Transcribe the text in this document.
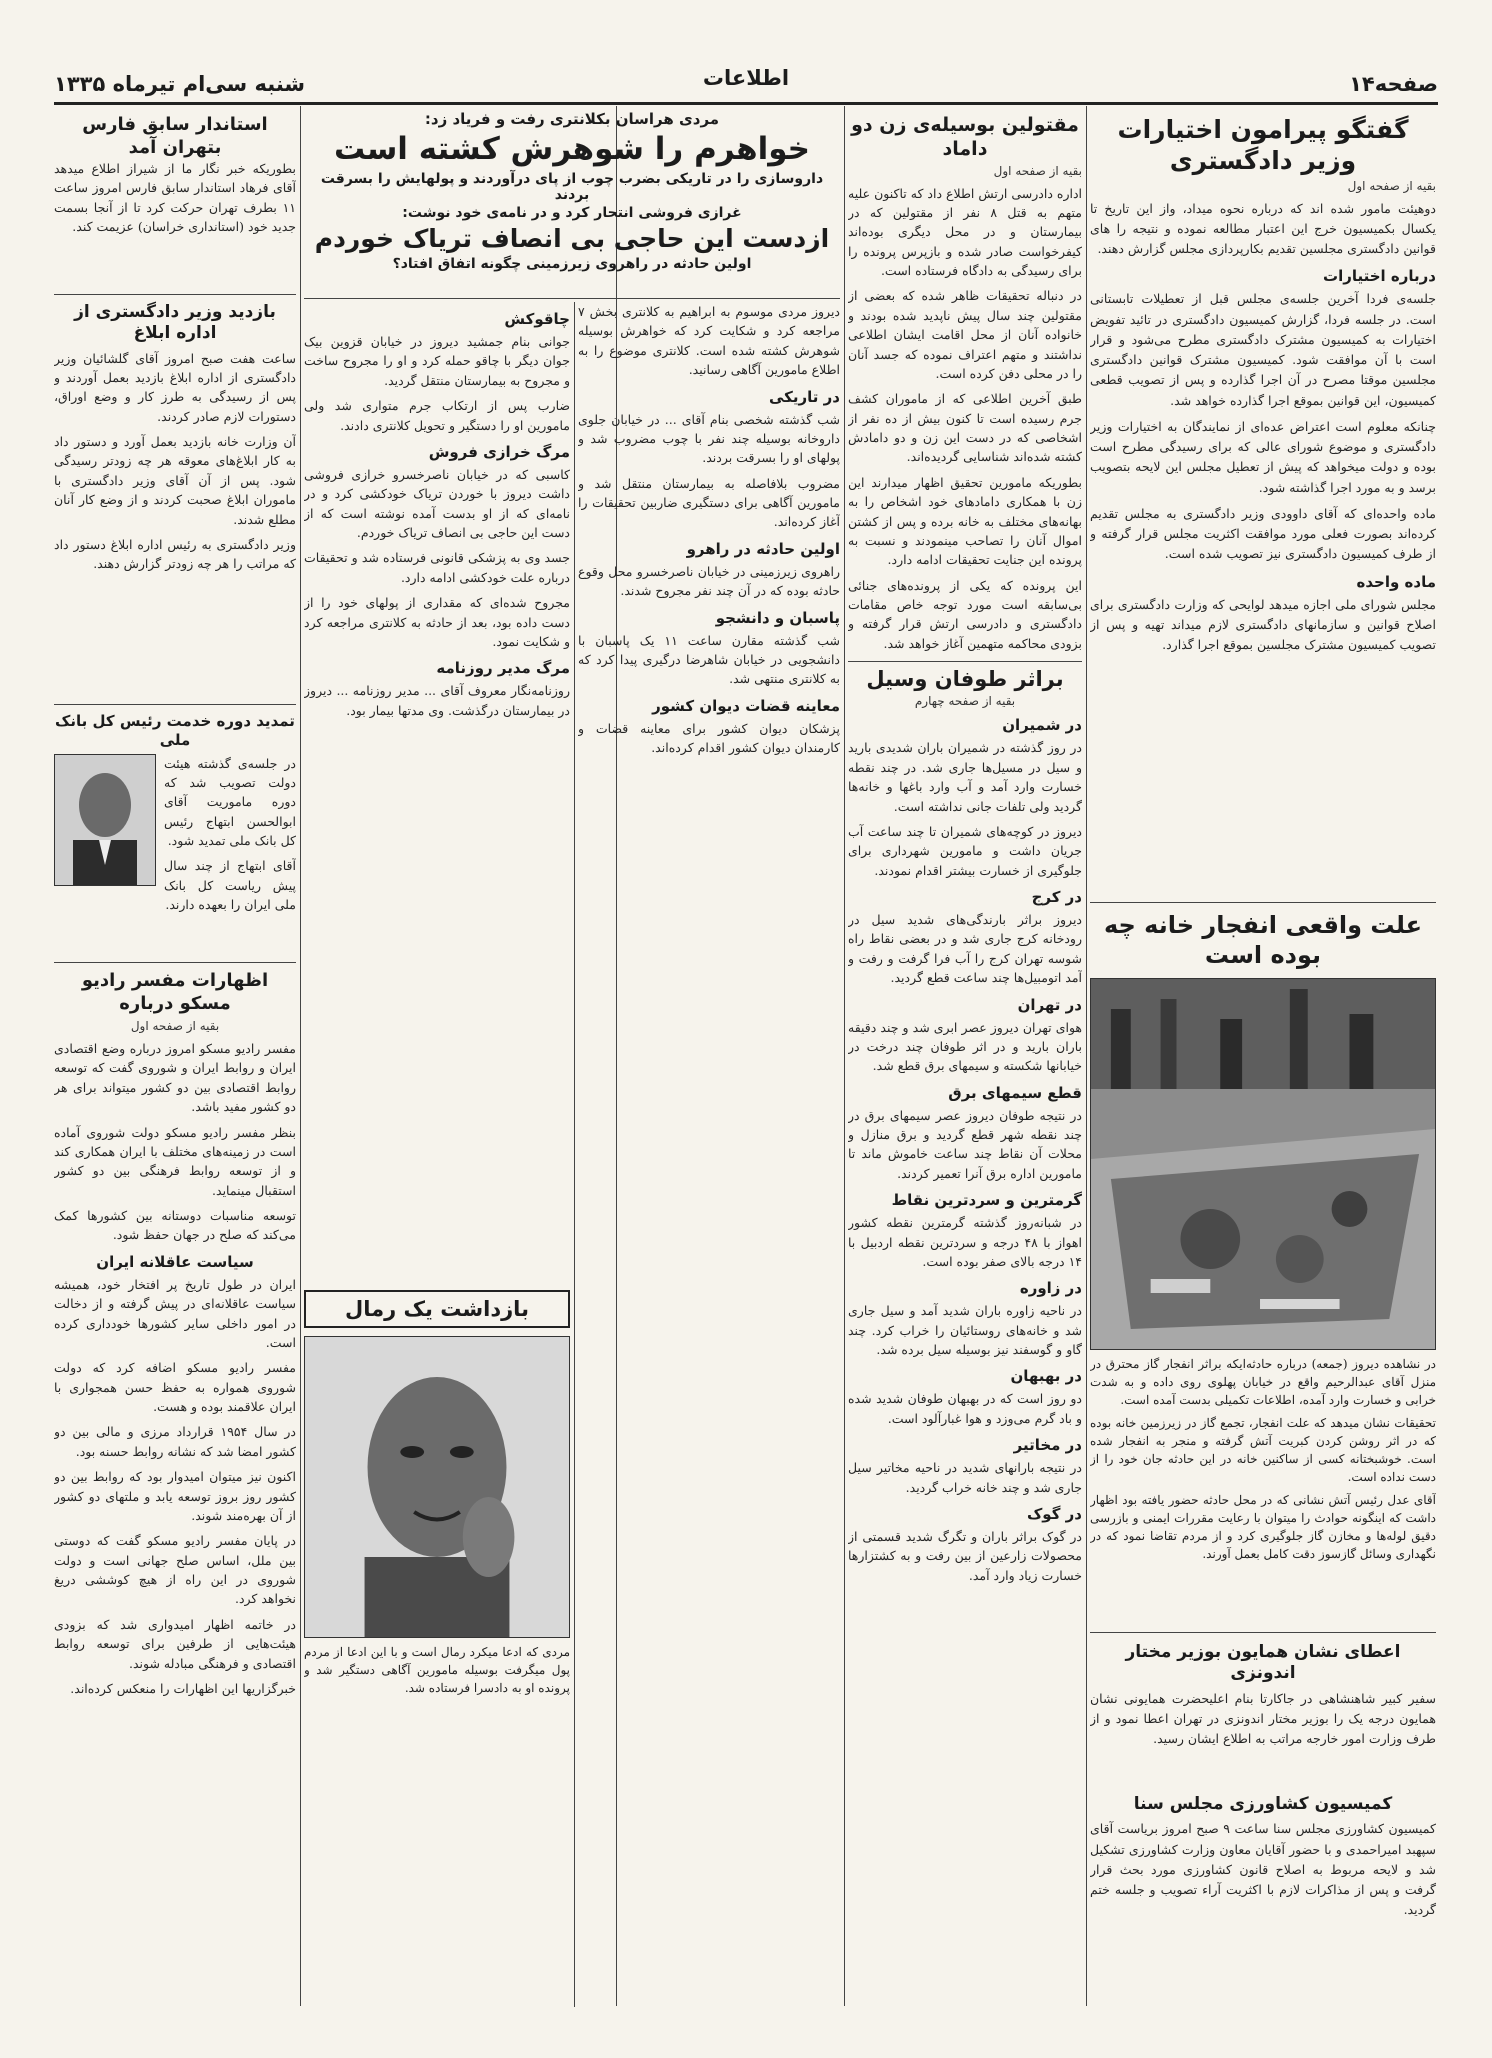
صفحه۱۴
اطلاعات
شنبه سی‌ام تیرماه ۱۳۳۵
گفتگو پیرامون اختیارات وزیر دادگستری
بقیه از صفحه اول

دوهیئت مامور شده اند که درباره نحوه میداد، واز این تاریخ تا یکسال بکمیسیون خرج این اعتبار مطالعه نموده و نتیجه را های قوانین دادگستری مجلسین تقدیم بکارپردازی مجلس گزارش دهند.

درباره اختیارات

جلسه‌ی فردا آخرین جلسه‌ی مجلس قبل از تعطیلات تابستانی است. در جلسه فردا، گزارش کمیسیون دادگستری در تائید تفویض اختیارات به کمیسیون مشترک دادگستری مطرح می‌شود و قرار است با آن موافقت شود. کمیسیون مشترک قوانین دادگستری مجلسین موقتا مصرح در آن اجرا گذارده و پس از تصویب قطعی کمیسیون، این قوانین بموقع اجرا گذارده خواهد شد.

چنانکه معلوم است اعتراض عده‌ای از نمایندگان به اختیارات وزیر دادگستری و موضوع شورای عالی که برای رسیدگی مطرح است بوده و دولت میخواهد که پیش از تعطیل مجلس این لایحه بتصویب برسد و به مورد اجرا گذاشته شود.

ماده واحده‌ای که آقای داوودی وزیر دادگستری به مجلس تقدیم کرده‌اند بصورت فعلی مورد موافقت اکثریت مجلس قرار گرفته و از طرف کمیسیون دادگستری نیز تصویب شده است.

ماده واحده

مجلس شورای ملی اجازه میدهد لوایحی که وزارت دادگستری برای اصلاح قوانین و سازمانهای دادگستری لازم میداند تهیه و پس از تصویب کمیسیون مشترک مجلسین بموقع اجرا گذارد.

علت واقعی انفجار خانه چه بوده است

در نشاهده دیروز (جمعه) درباره حادثه‌ایکه براثر انفجار گاز محترق در منزل آقای عبدالرحیم واقع در خیابان پهلوی روی داده و به شدت خرابی و خسارت وارد آمده، اطلاعات تکمیلی بدست آمده است.

تحقیقات نشان میدهد که علت انفجار، تجمع گاز در زیرزمین خانه بوده که در اثر روشن کردن کبریت آتش گرفته و منجر به انفجار شده است. خوشبختانه کسی از ساکنین خانه در این حادثه جان خود را از دست نداده است.

آقای عدل رئیس آتش نشانی که در محل حادثه حضور یافته بود اظهار داشت که اینگونه حوادث را میتوان با رعایت مقررات ایمنی و بازرسی دقیق لوله‌ها و مخازن گاز جلوگیری کرد و از مردم تقاضا نمود که در نگهداری وسائل گازسوز دقت کامل بعمل آورند.

اعطای نشان همایون بوزیر مختار اندونزی

سفیر کبیر شاهنشاهی در جاکارتا بنام اعلیحضرت همایونی نشان همایون درجه یک را بوزیر مختار اندونزی در تهران اعطا نمود و از طرف وزارت امور خارجه مراتب به اطلاع ایشان رسید.

کمیسیون کشاورزی مجلس سنا

کمیسیون کشاورزی مجلس سنا ساعت ۹ صبح امروز بریاست آقای سپهبد امیراحمدی و با حضور آقایان معاون وزارت کشاورزی تشکیل شد و لایحه مربوط به اصلاح قانون کشاورزی مورد بحث قرار گرفت و پس از مذاکرات لازم با اکثریت آراء تصویب و جلسه ختم گردید.

مقتولین بوسیله‌ی زن دو داماد
بقیه از صفحه اول

اداره دادرسی ارتش اطلاع داد که تاکنون علیه متهم به قتل ۸ نفر از مقتولین که در بیمارستان و در محل دیگری بوده‌اند کیفرخواست صادر شده و بازپرس پرونده را برای رسیدگی به دادگاه فرستاده است.

در دنباله تحقیقات ظاهر شده که بعضی از مقتولین چند سال پیش ناپدید شده بودند و خانواده آنان از محل اقامت ایشان اطلاعی نداشتند و متهم اعتراف نموده که جسد آنان را در محلی دفن کرده است.

طبق آخرین اطلاعی که از ماموران کشف جرم رسیده است تا کنون بیش از ده نفر از اشخاصی که در دست این زن و دو دامادش کشته شده‌اند شناسایی گردیده‌اند.

بطوریکه مامورین تحقیق اظهار میدارند این زن با همکاری دامادهای خود اشخاص را به بهانه‌های مختلف به خانه برده و پس از کشتن اموال آنان را تصاحب مینمودند و نسبت به پرونده این جنایت تحقیقات ادامه دارد.

این پرونده که یکی از پرونده‌های جنائی بی‌سابقه است مورد توجه خاص مقامات دادگستری و دادرسی ارتش قرار گرفته و بزودی محاکمه متهمین آغاز خواهد شد.

براثر طوفان وسیل
بقیه از صفحه چهارم
در شمیران

در روز گذشته در شمیران باران شدیدی بارید و سیل در مسیل‌ها جاری شد. در چند نقطه خسارت وارد آمد و آب وارد باغها و خانه‌ها گردید ولی تلفات جانی نداشته است.

دیروز در کوچه‌های شمیران تا چند ساعت آب جریان داشت و مامورین شهرداری برای جلوگیری از خسارت بیشتر اقدام نمودند.

در کرج

دیروز براثر بارندگی‌های شدید سیل در رودخانه کرج جاری شد و در بعضی نقاط راه شوسه تهران کرج را آب فرا گرفت و رفت و آمد اتومبیل‌ها چند ساعت قطع گردید.

در تهران

هوای تهران دیروز عصر ابری شد و چند دقیقه باران بارید و در اثر طوفان چند درخت در خیابانها شکسته و سیمهای برق قطع شد.

قطع سیمهای برق

در نتیجه طوفان دیروز عصر سیمهای برق در چند نقطه شهر قطع گردید و برق منازل و محلات آن نقاط چند ساعت خاموش ماند تا مامورین اداره برق آنرا تعمیر کردند.

گرمترین و سردترین نقاط

در شبانه‌روز گذشته گرمترین نقطه کشور اهواز با ۴۸ درجه و سردترین نقطه اردبیل با ۱۴ درجه بالای صفر بوده است.

در زاوره

در ناحیه زاوره باران شدید آمد و سیل جاری شد و خانه‌های روستائیان را خراب کرد. چند گاو و گوسفند نیز بوسیله سیل برده شد.

در بهبهان

دو روز است که در بهبهان طوفان شدید شده و باد گرم می‌وزد و هوا غبارآلود است.

در مخاتیر

در نتیجه بارانهای شدید در ناحیه مخاتیر سیل جاری شد و چند خانه خراب گردید.

در گوک

در گوک براثر باران و تگرگ شدید قسمتی از محصولات زارعین از بین رفت و به کشتزارها خسارت زیاد وارد آمد.

مردی هراسان بکلانتری رفت و فریاد زد:
خواهرم را شوهرش کشته است
داروسازی را در تاریکی بضرب چوب از پای درآوردند و پولهایش را بسرقت بردند
غرازی فروشی انتحار کرد و در نامه‌ی خود نوشت:
ازدست این حاجی بی انصاف تریاک خوردم
اولین حادثه در راهروی زیرزمینی چگونه اتفاق افتاد؟

دیروز مردی موسوم به ابراهیم به کلانتری بخش ۷ مراجعه کرد و شکایت کرد که خواهرش بوسیله شوهرش کشته شده است. کلانتری موضوع را به اطلاع مامورین آگاهی رسانید.

در تاریکی

شب گذشته شخصی بنام آقای ... در خیابان جلوی داروخانه بوسیله چند نفر با چوب مضروب شد و پولهای او را بسرقت بردند.

مضروب بلافاصله به بیمارستان منتقل شد و مامورین آگاهی برای دستگیری ضاربین تحقیقات را آغاز کرده‌اند.

اولین حادثه در راهرو

راهروی زیرزمینی در خیابان ناصرخسرو محل وقوع حادثه بوده که در آن چند نفر مجروح شدند.

پاسبان و دانشجو

شب گذشته مقارن ساعت ۱۱ یک پاسبان با دانشجویی در خیابان شاهرضا درگیری پیدا کرد که به کلانتری منتهی شد.

معاینه قضات دیوان کشور

پزشکان دیوان کشور برای معاینه قضات و کارمندان دیوان کشور اقدام کرده‌اند.

چاقوکش

جوانی بنام جمشید دیروز در خیابان قزوین بیک جوان دیگر با چاقو حمله کرد و او را مجروح ساخت و مجروح به بیمارستان منتقل گردید.

ضارب پس از ارتکاب جرم متواری شد ولی مامورین او را دستگیر و تحویل کلانتری دادند.

مرگ خرازی فروش

کاسبی که در خیابان ناصرخسرو خرازی فروشی داشت دیروز با خوردن تریاک خودکشی کرد و در نامه‌ای که از او بدست آمده نوشته است که از دست این حاجی بی انصاف تریاک خوردم.

جسد وی به پزشکی قانونی فرستاده شد و تحقیقات درباره علت خودکشی ادامه دارد.

مجروح شده‌ای که مقداری از پولهای خود را از دست داده بود، بعد از حادثه به کلانتری مراجعه کرد و شکایت نمود.

مرگ مدیر روزنامه

روزنامه‌نگار معروف آقای ... مدیر روزنامه ... دیروز در بیمارستان درگذشت. وی مدتها بیمار بود.

بازداشت یک رمال

مردی که ادعا میکرد رمال است و با این ادعا از مردم پول میگرفت بوسیله مامورین آگاهی دستگیر شد و پرونده او به دادسرا فرستاده شد.

استاندار سابق فارس بتهران آمد

بطوریکه خبر نگار ما از شیراز اطلاع میدهد آقای فرهاد استاندار سابق فارس امروز ساعت ۱۱ بطرف تهران حرکت کرد تا از آنجا بسمت جدید خود (استانداری خراسان) عزیمت کند.

بازدید وزیر دادگستری از اداره ابلاغ

ساعت هفت صبح امروز آقای گلشائیان وزیر دادگستری از اداره ابلاغ بازدید بعمل آوردند و پس از رسیدگی به طرز کار و وضع اوراق، دستورات لازم صادر کردند.

آن وزارت خانه بازدید بعمل آورد و دستور داد به کار ابلاغ‌های معوقه هر چه زودتر رسیدگی شود. پس از آن آقای وزیر دادگستری با ماموران ابلاغ صحبت کردند و از وضع کار آنان مطلع شدند.

وزیر دادگستری به رئیس اداره ابلاغ دستور داد که مراتب را هر چه زودتر گزارش دهند.

تمدید دوره خدمت رئیس کل بانک ملی

در جلسه‌ی گذشته هیئت دولت تصویب شد که دوره ماموریت آقای ابوالحسن ابتهاج رئیس کل بانک ملی تمدید شود.

آقای ابتهاج از چند سال پیش ریاست کل بانک ملی ایران را بعهده دارند.

اظهارات مفسر رادیو مسکو درباره
بقیه از صفحه اول

مفسر رادیو مسکو امروز درباره وضع اقتصادی ایران و روابط ایران و شوروی گفت که توسعه روابط اقتصادی بین دو کشور میتواند برای هر دو کشور مفید باشد.

بنظر مفسر رادیو مسکو دولت شوروی آماده است در زمینه‌های مختلف با ایران همکاری کند و از توسعه روابط فرهنگی بین دو کشور استقبال مینماید.

توسعه مناسبات دوستانه بین کشورها کمک می‌کند که صلح در جهان حفظ شود.

سیاست عاقلانه ایران

ایران در طول تاریخ پر افتخار خود، همیشه سیاست عاقلانه‌ای در پیش گرفته و از دخالت در امور داخلی سایر کشورها خودداری کرده است.

مفسر رادیو مسکو اضافه کرد که دولت شوروی همواره به حفظ حسن همجواری با ایران علاقمند بوده و هست.

در سال ۱۹۵۴ قرارداد مرزی و مالی بین دو کشور امضا شد که نشانه روابط حسنه بود.

اکنون نیز میتوان امیدوار بود که روابط بین دو کشور روز بروز توسعه یابد و ملتهای دو کشور از آن بهره‌مند شوند.

در پایان مفسر رادیو مسکو گفت که دوستی بین ملل، اساس صلح جهانی است و دولت شوروی در این راه از هیچ کوششی دریغ نخواهد کرد.

در خاتمه اظهار امیدواری شد که بزودی هیئت‌هایی از طرفین برای توسعه روابط اقتصادی و فرهنگی مبادله شوند.

خبرگزاریها این اظهارات را منعکس کرده‌اند.
